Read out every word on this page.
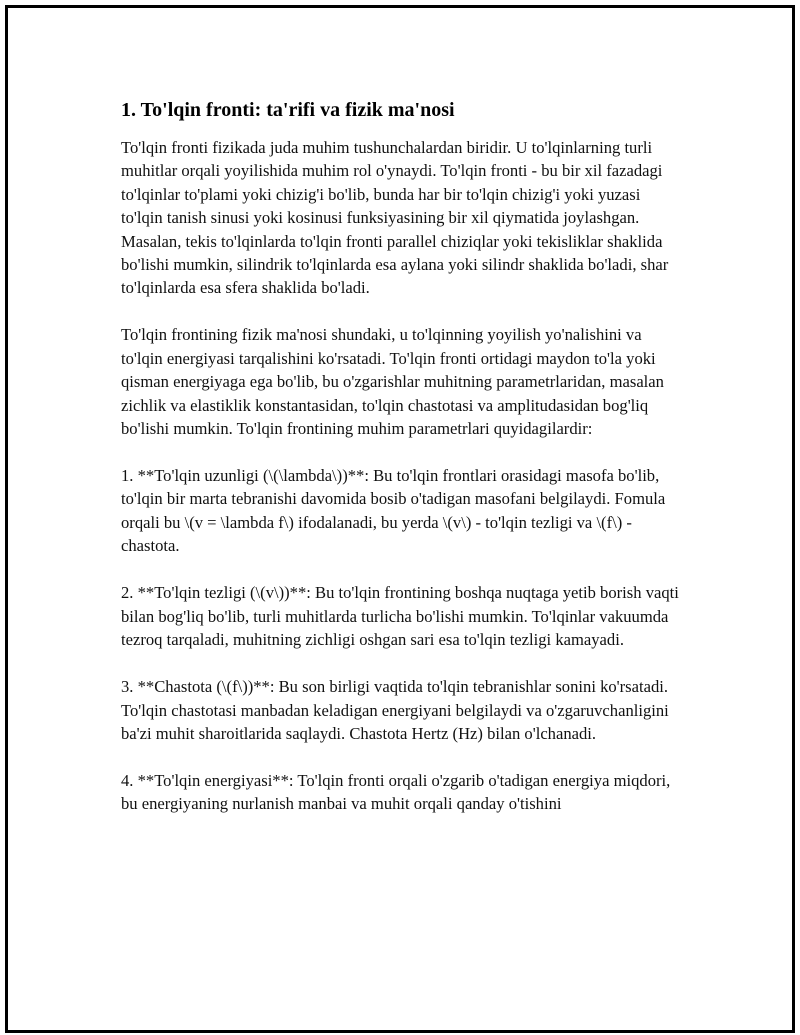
1. To'lqin fronti: ta'rifi va fizik ma'nosi

To'lqin fronti fizikada juda muhim tushunchalardan biridir. U to'lqinlarning turli muhitlar orqali yoyilishida muhim rol o'ynaydi. To'lqin fronti - bu bir xil fazadagi to'lqinlar to'plami yoki chizig'i bo'lib, bunda har bir to'lqin chizig'i yoki yuzasi to'lqin tanish sinusi yoki kosinusi funksiyasining bir xil qiymatida joylashgan. Masalan, tekis to'lqinlarda to'lqin fronti parallel chiziqlar yoki tekisliklar shaklida bo'lishi mumkin, silindrik to'lqinlarda esa aylana yoki silindr shaklida bo'ladi, shar to'lqinlarda esa sfera shaklida bo'ladi.

To'lqin frontining fizik ma'nosi shundaki, u to'lqinning yoyilish yo'nalishini va to'lqin energiyasi tarqalishini ko'rsatadi. To'lqin fronti ortidagi maydon to'la yoki qisman energiyaga ega bo'lib, bu o'zgarishlar muhitning parametrlaridan, masalan zichlik va elastiklik konstantasidan, to'lqin chastotasi va amplitudasidan bog'liq bo'lishi mumkin. To'lqin frontining muhim parametrlari quyidagilardir:

1. **To'lqin uzunligi (\(\lambda\))**: Bu to'lqin frontlari orasidagi masofa bo'lib, to'lqin bir marta tebranishi davomida bosib o'tadigan masofani belgilaydi. Fomula orqali bu \(v = \lambda f\) ifodalanadi, bu yerda \(v\) - to'lqin tezligi va \(f\) - chastota.

2. **To'lqin tezligi (\(v\))**: Bu to'lqin frontining boshqa nuqtaga yetib borish vaqti bilan bog'liq bo'lib, turli muhitlarda turlicha bo'lishi mumkin. To'lqinlar vakuumda tezroq tarqaladi, muhitning zichligi oshgan sari esa to'lqin tezligi kamayadi.

3. **Chastota (\(f\))**: Bu son birligi vaqtida to'lqin tebranishlar sonini ko'rsatadi. To'lqin chastotasi manbadan keladigan energiyani belgilaydi va o'zgaruvchanligini ba'zi muhit sharoitlarida saqlaydi. Chastota Hertz (Hz) bilan o'lchanadi.

4. **To'lqin energiyasi**: To'lqin fronti orqali o'zgarib o'tadigan energiya miqdori, bu energiyaning nurlanish manbai va muhit orqali qanday o'tishini
